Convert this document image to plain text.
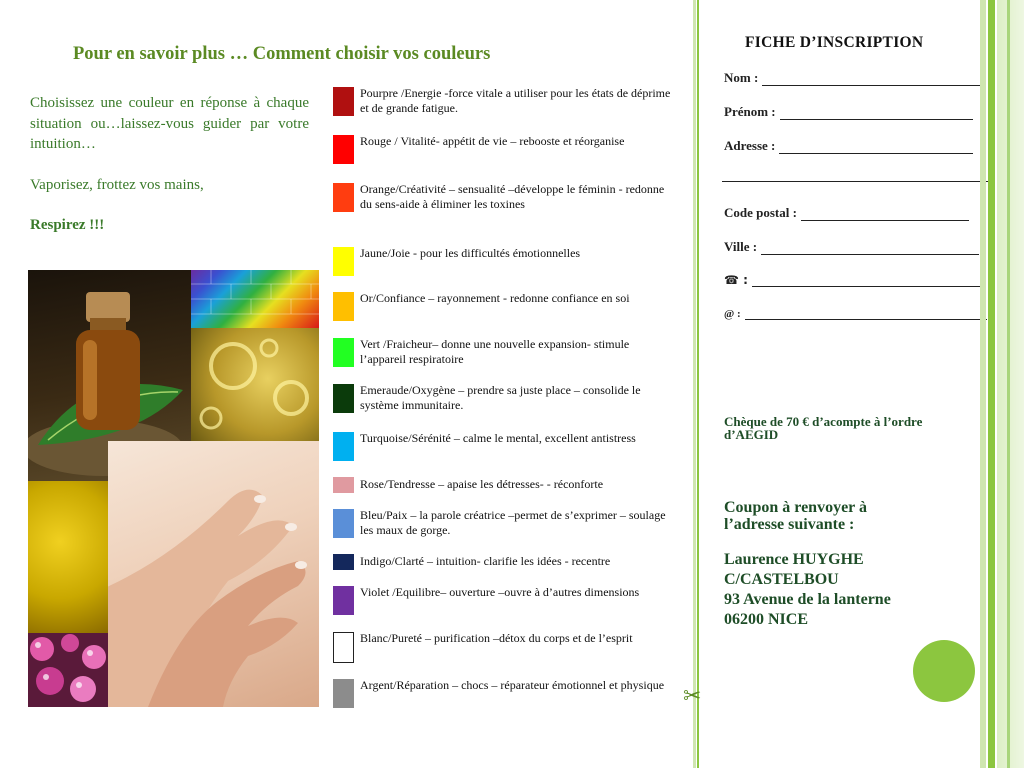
Pour en savoir plus … Comment choisir vos couleurs

Choisissez une couleur en réponse à chaque situation ou…laissez-vous guider par votre intuition…

Vaporisez, frottez vos mains,

Respirez !!!

Pourpre /Energie -force vitale a utiliser pour les états de déprime et de grande fatigue.
Rouge / Vitalité- appétit de vie – reboostе et réorganise
Orange/Créativité – sensualité –développe le féminin - redonne du sens-aide à éliminer les toxines
Jaune/Joie - pour les difficultés émotionnelles
Or/Confiance – rayonnement - redonne confiance en soi
Vert /Fraicheur– donne une nouvelle expansion- stimule l’appareil respiratoire
Emeraude/Oxygène – prendre sa juste place – consolide le système immunitaire.
Turquoise/Sérénité – calme le mental, excellent antistress
Rose/Tendresse – apaise les détresses- - réconforte
Bleu/Paix – la parole créatrice –permet de s’exprimer – soulage les maux de gorge.
Indigo/Clarté – intuition- clarifie les idées - recentre
Violet /Equilibre– ouverture –ouvre à d’autres dimensions
Blanc/Pureté – purification –détox du corps et de l’esprit
Argent/Réparation – chocs – réparateur émotionnel et physique ✂
FICHE D’INSCRIPTION
Nom :
Prénom :
Adresse :
Code postal :
Ville :
☎ :
@ :
Chèque de 70 € d’acompte à l’ordre d’AEGID
Coupon à renvoyer à
l’adresse suivante :
Laurence HUYGHE
C/CASTELBOU
93 Avenue de la lanterne
06200 NICE
